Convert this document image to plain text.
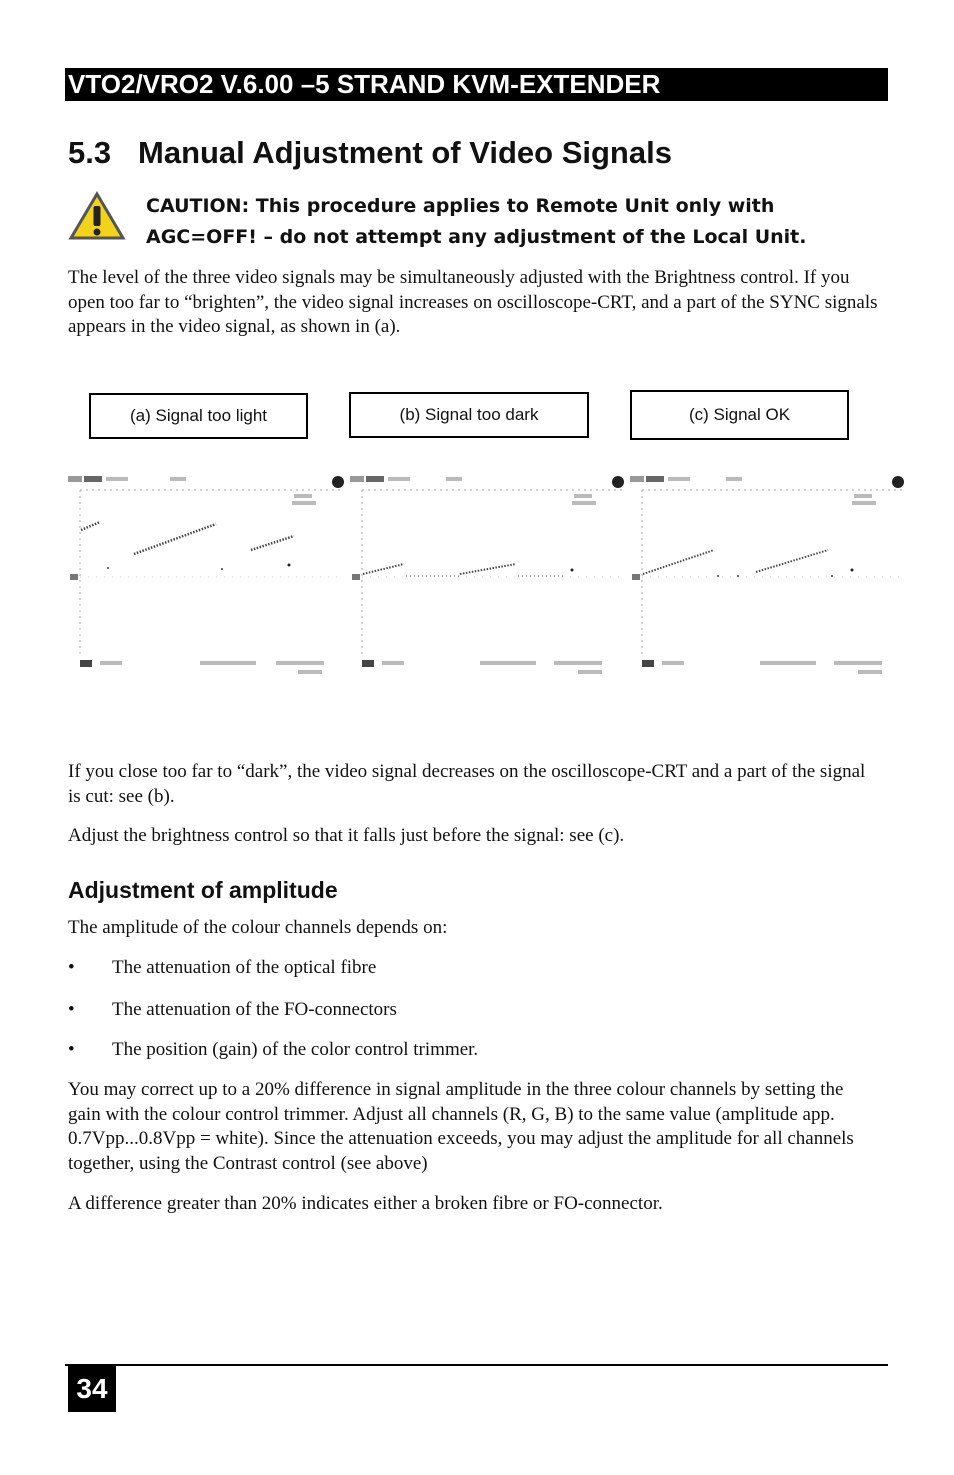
VTO2/VRO2 V.6.00 –5 STRAND KVM-EXTENDER
5.3 Manual Adjustment of Video Signals
CAUTION: This procedure applies to Remote Unit only with
AGC=OFF! – do not attempt any adjustment of the Local Unit.
The level of the three video signals may be simultaneously adjusted with the Brightness control. If you open too far to “brighten”, the video signal increases on oscilloscope-CRT, and a part of the SYNC signals appears in the video signal, as shown in (a).
(a) Signal too light	(b) Signal too dark	(c) Signal OK
If you close too far to “dark”, the video signal decreases on the oscilloscope-CRT and a part of the signal is cut: see (b).
Adjust the brightness control so that it falls just before the signal: see (c).
Adjustment of amplitude
The amplitude of the colour channels depends on:
• The attenuation of the optical fibre
• The attenuation of the FO-connectors
• The position (gain) of the color control trimmer.
You may correct up to a 20% difference in signal amplitude in the three colour channels by setting the gain with the colour control trimmer. Adjust all channels (R, G, B) to the same value (amplitude app. 0.7Vpp...0.8Vpp = white). Since the attenuation exceeds, you may adjust the amplitude for all channels together, using the Contrast control (see above)
A difference greater than 20% indicates either a broken fibre or FO-connector.
34
